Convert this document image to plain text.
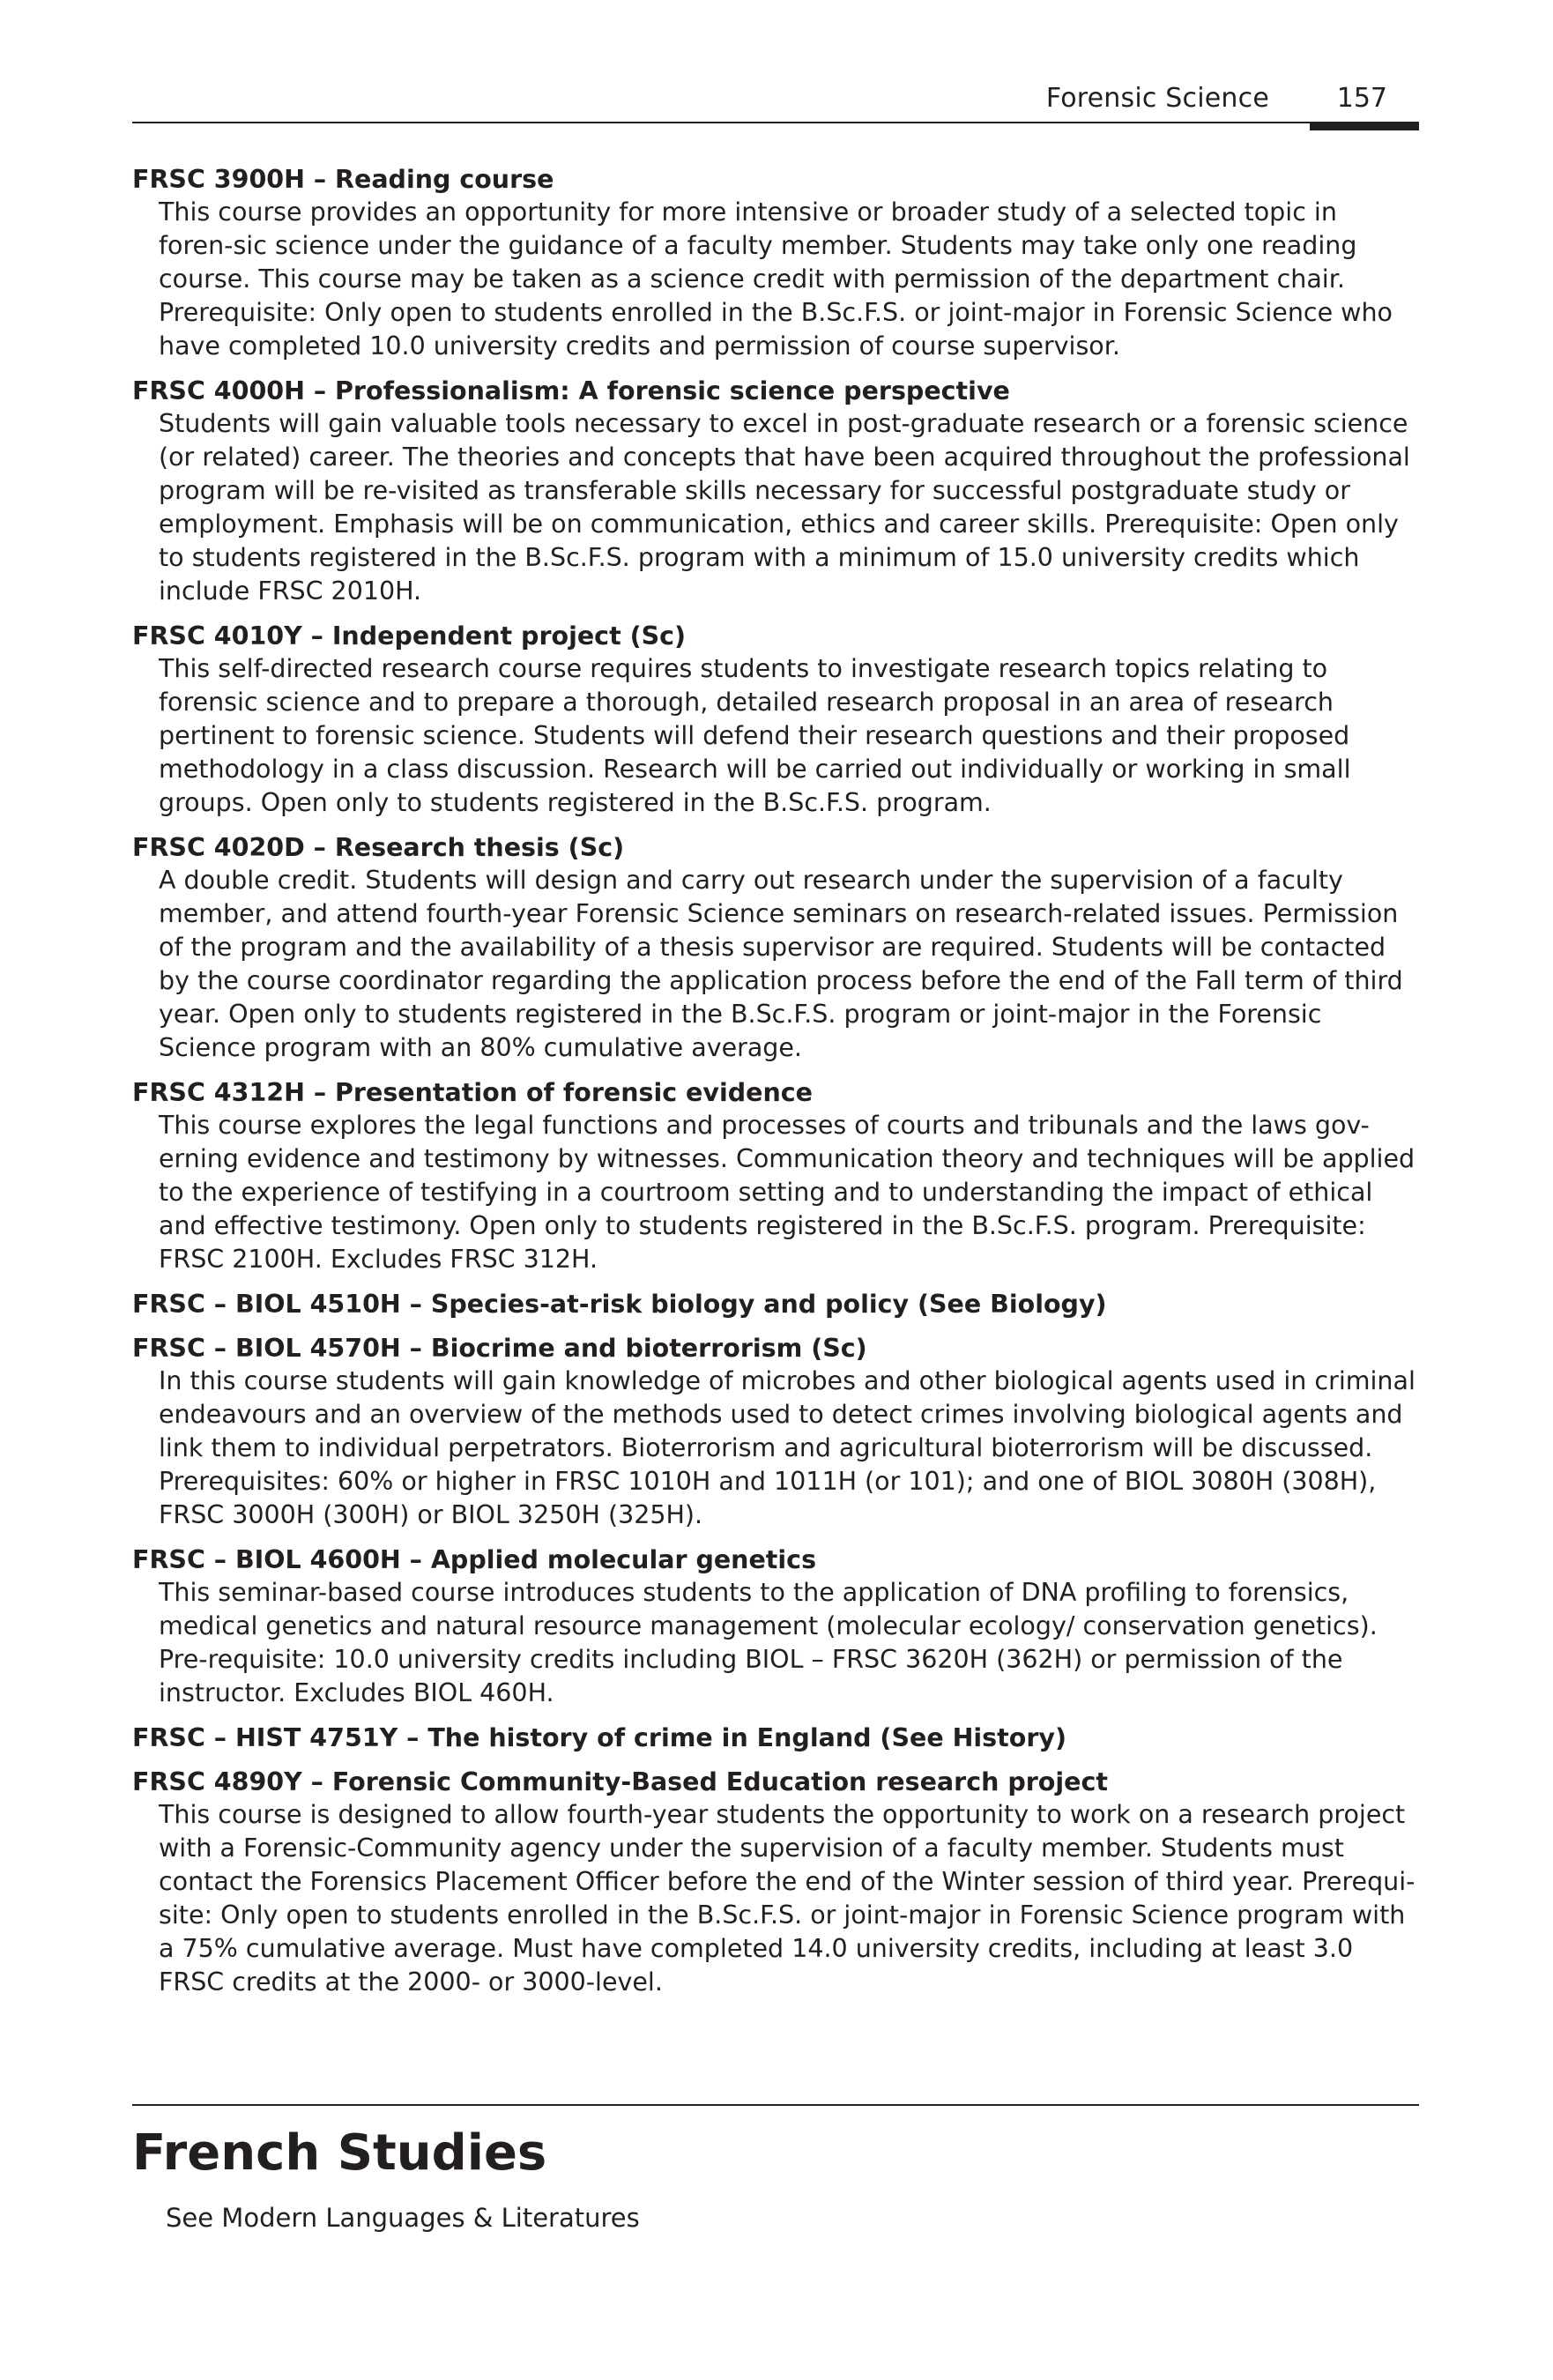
Forensic Science	157

FRSC 3900H – Reading course

This course provides an opportunity for more intensive or broader study of a selected topic in foren-sic science under the guidance of a faculty member. Students may take only one reading course. This course may be taken as a science credit with permission of the department chair. Prerequisite: Only open to students enrolled in the B.Sc.F.S. or joint-major in Forensic Science who have completed 10.0 university credits and permission of course supervisor.

FRSC 4000H – Professionalism: A forensic science perspective

Students will gain valuable tools necessary to excel in post-graduate research or a forensic science (or related) career. The theories and concepts that have been acquired throughout the professional program will be re-visited as transferable skills necessary for successful postgraduate study or employment. Emphasis will be on communication, ethics and career skills. Prerequisite: Open only to students registered in the B.Sc.F.S. program with a minimum of 15.0 university credits which include FRSC 2010H.

FRSC 4010Y – Independent project (Sc)

This self-directed research course requires students to investigate research topics relating to forensic science and to prepare a thorough, detailed research proposal in an area of research pertinent to forensic science. Students will defend their research questions and their proposed methodology in a class discussion. Research will be carried out individually or working in small groups. Open only to students registered in the B.Sc.F.S. program.

FRSC 4020D – Research thesis (Sc)

A double credit. Students will design and carry out research under the supervision of a faculty member, and attend fourth-year Forensic Science seminars on research-related issues. Permission of the program and the availability of a thesis supervisor are required. Students will be contacted by the course coordinator regarding the application process before the end of the Fall term of third year. Open only to students registered in the B.Sc.F.S. program or joint-major in the Forensic Science program with an 80% cumulative average.

FRSC 4312H – Presentation of forensic evidence

This course explores the legal functions and processes of courts and tribunals and the laws gov-erning evidence and testimony by witnesses. Communication theory and techniques will be applied to the experience of testifying in a courtroom setting and to understanding the impact of ethical and effective testimony. Open only to students registered in the B.Sc.F.S. program. Prerequisite: FRSC 2100H. Excludes FRSC 312H.

FRSC – BIOL 4510H – Species-at-risk biology and policy (See Biology)

FRSC – BIOL 4570H – Biocrime and bioterrorism (Sc)

In this course students will gain knowledge of microbes and other biological agents used in criminal endeavours and an overview of the methods used to detect crimes involving biological agents and link them to individual perpetrators. Bioterrorism and agricultural bioterrorism will be discussed. Prerequisites: 60% or higher in FRSC 1010H and 1011H (or 101); and one of BIOL 3080H (308H), FRSC 3000H (300H) or BIOL 3250H (325H).

FRSC – BIOL 4600H – Applied molecular genetics

This seminar-based course introduces students to the application of DNA profiling to forensics, medical genetics and natural resource management (molecular ecology/ conservation genetics). Pre-requisite: 10.0 university credits including BIOL – FRSC 3620H (362H) or permission of the instructor. Excludes BIOL 460H.

FRSC – HIST 4751Y – The history of crime in England (See History)

FRSC 4890Y – Forensic Community-Based Education research project

This course is designed to allow fourth-year students the opportunity to work on a research project with a Forensic-Community agency under the supervision of a faculty member. Students must contact the Forensics Placement Officer before the end of the Winter session of third year. Prerequi-site: Only open to students enrolled in the B.Sc.F.S. or joint-major in Forensic Science program with a 75% cumulative average. Must have completed 14.0 university credits, including at least 3.0 FRSC credits at the 2000- or 3000-level.

French Studies

See Modern Languages & Literatures
